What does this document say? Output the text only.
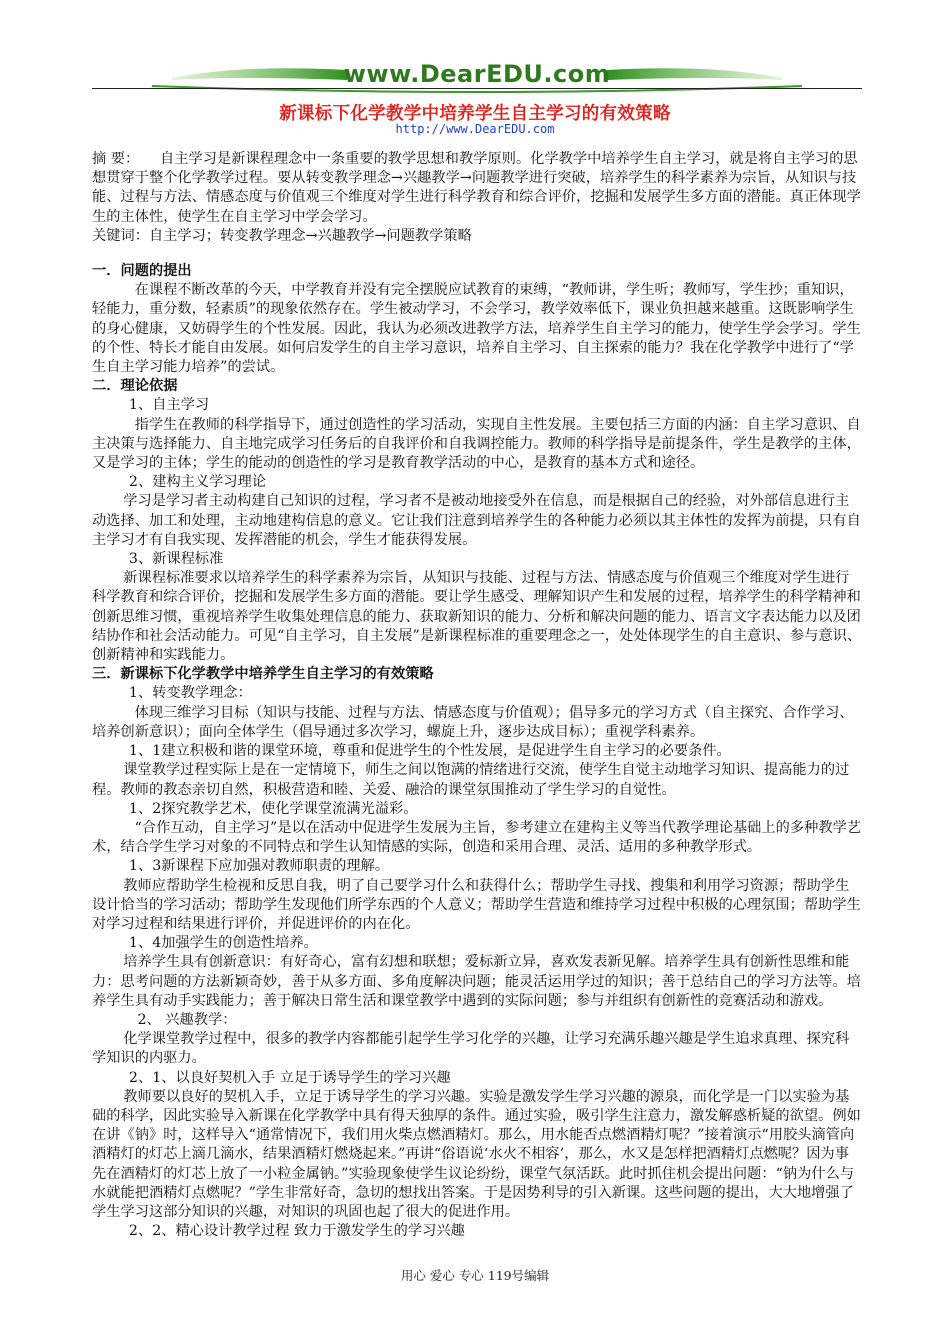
www.DearEDU.com
新课标下化学教学中培养学生自主学习的有效策略
http://www.DearEDU.com
摘 要：	自主学习是新课程理念中一条重要的教学思想和教学原则。化学教学中培养学生自主学习，就是将自主学习的思想贯穿于整个化学教学过程。要从转变教学理念→兴趣教学→问题教学进行突破，培养学生的科学素养为宗旨，从知识与技能、过程与方法、情感态度与价值观三个维度对学生进行科学教育和综合评价，挖掘和发展学生多方面的潜能。真正体现学生的主体性，使学生在自主学习中学会学习。

关键词：自主学习；转变教学理念→兴趣教学→问题教学策略

一．问题的提出

在课程不断改革的今天，中学教育并没有完全摆脱应试教育的束缚，“教师讲，学生听；教师写，学生抄；重知识，轻能力，重分数，轻素质”的现象依然存在。学生被动学习，不会学习，教学效率低下，课业负担越来越重。这既影响学生的身心健康，又妨碍学生的个性发展。因此，我认为必须改进教学方法，培养学生自主学习的能力，使学生学会学习。学生的个性、特长才能自由发展。如何启发学生的自主学习意识，培养自主学习、自主探索的能力？我在化学教学中进行了“学生自主学习能力培养”的尝试。

二．理论依据

1、自主学习

指学生在教师的科学指导下，通过创造性的学习活动，实现自主性发展。主要包括三方面的内涵：自主学习意识、自主决策与选择能力、自主地完成学习任务后的自我评价和自我调控能力。教师的科学指导是前提条件，学生是教学的主体，又是学习的主体；学生的能动的创造性的学习是教育教学活动的中心，是教育的基本方式和途径。

2、建构主义学习理论

学习是学习者主动构建自己知识的过程，学习者不是被动地接受外在信息，而是根据自己的经验，对外部信息进行主动选择、加工和处理，主动地建构信息的意义。它让我们注意到培养学生的各种能力必须以其主体性的发挥为前提，只有自主学习才有自我实现、发挥潜能的机会，学生才能获得发展。

3、新课程标准

新课程标准要求以培养学生的科学素养为宗旨，从知识与技能、过程与方法、情感态度与价值观三个维度对学生进行科学教育和综合评价，挖掘和发展学生多方面的潜能。要让学生感受、理解知识产生和发展的过程，培养学生的科学精神和创新思维习惯，重视培养学生收集处理信息的能力、获取新知识的能力、分析和解决问题的能力、语言文字表达能力以及团结协作和社会活动能力。可见“自主学习，自主发展”是新课程标准的重要理念之一，处处体现学生的自主意识、参与意识、创新精神和实践能力。

三．新课标下化学教学中培养学生自主学习的有效策略

1、转变教学理念：

体现三维学习目标（知识与技能、过程与方法、情感态度与价值观）；倡导多元的学习方式（自主探究、合作学习、培养创新意识）；面向全体学生（倡导通过多次学习，螺旋上升，逐步达成目标）；重视学科素养。

1、1建立积极和谐的课堂环境，尊重和促进学生的个性发展，是促进学生自主学习的必要条件。

课堂教学过程实际上是在一定情境下，师生之间以饱满的情绪进行交流，使学生自觉主动地学习知识、提高能力的过程。教师的教态亲切自然，积极营造和睦、关爱、融洽的课堂氛围推动了学生学习的自觉性。

1、2探究教学艺术，使化学课堂流满光溢彩。

“合作互动，自主学习”是以在活动中促进学生发展为主旨，参考建立在建构主义等当代教学理论基础上的多种教学艺术，结合学生学习对象的不同特点和学生认知情感的实际，创造和采用合理、灵活、适用的多种教学形式。

1、3新课程下应加强对教师职责的理解。

教师应帮助学生检视和反思自我，明了自己要学习什么和获得什么；帮助学生寻找、搜集和利用学习资源；帮助学生设计恰当的学习活动；帮助学生发现他们所学东西的个人意义；帮助学生营造和维持学习过程中积极的心理氛围；帮助学生对学习过程和结果进行评价，并促进评价的内在化。

1、4加强学生的创造性培养。

培养学生具有创新意识：有好奇心，富有幻想和联想；爱标新立异，喜欢发表新见解。培养学生具有创新性思维和能力：思考问题的方法新颖奇妙，善于从多方面、多角度解决问题；能灵活运用学过的知识；善于总结自己的学习方法等。培养学生具有动手实践能力；善于解决日常生活和课堂教学中遇到的实际问题；参与并组织有创新性的竞赛活动和游戏。

2、 兴趣教学：

化学课堂教学过程中，很多的教学内容都能引起学生学习化学的兴趣，让学习充满乐趣兴趣是学生追求真理、探究科学知识的内驱力。

2、1、以良好契机入手 立足于诱导学生的学习兴趣

教师要以良好的契机入手，立足于诱导学生的学习兴趣。实验是激发学生学习兴趣的源泉，而化学是一门以实验为基础的科学，因此实验导入新课在化学教学中具有得天独厚的条件。通过实验，吸引学生注意力，激发解惑析疑的欲望。例如在讲《钠》时，这样导入“通常情况下，我们用火柴点燃酒精灯。那么，用水能否点燃酒精灯呢？”接着演示“用胶头滴管向酒精灯的灯芯上滴几滴水，结果酒精灯燃烧起来。”再讲“俗语说‘水火不相容’，那么，水又是怎样把酒精灯点燃呢？因为事先在酒精灯的灯芯上放了一小粒金属钠。”实验现象使学生议论纷纷，课堂气氛活跃。此时抓住机会提出问题：“钠为什么与水就能把酒精灯点燃呢？”学生非常好奇，急切的想找出答案。于是因势利导的引入新课。这些问题的提出，大大地增强了学生学习这部分知识的兴趣，对知识的巩固也起了很大的促进作用。

2、2、精心设计教学过程 致力于激发学生的学习兴趣

用心 爱心 专心 119号编辑
